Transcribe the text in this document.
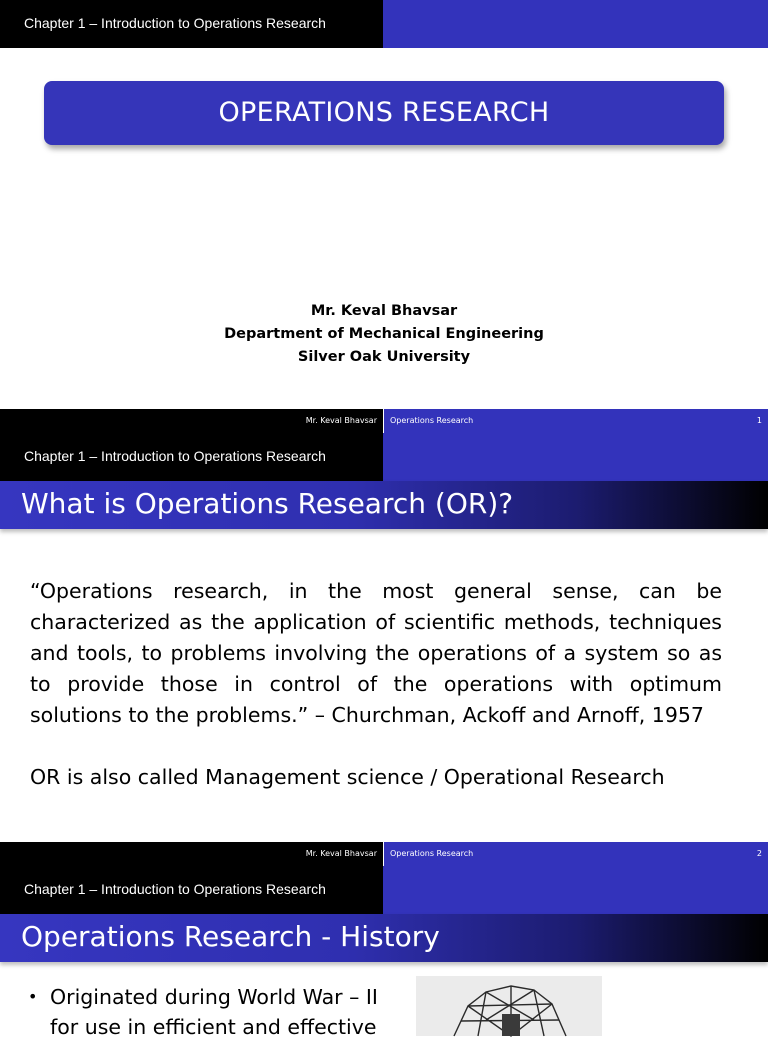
Chapter 1 – Introduction to Operations Research
OPERATIONS RESEARCH
Mr. Keval Bhavsar
Department of Mechanical Engineering
Silver Oak University
Mr. Keval Bhavsar Operations Research	1
Chapter 1 – Introduction to Operations Research
What is Operations Research (OR)?
“Operations research, in the most general sense, can be characterized as the application of scientific methods, techniques and tools, to problems involving the operations of a system so as to provide those in control of the operations with optimum solutions to the problems.” – Churchman, Ackoff and Arnoff, 1957
OR is also called Management science / Operational Research
Mr. Keval Bhavsar Operations Research	2
Chapter 1 – Introduction to Operations Research
Operations Research - History
• Originated during World War – II
for use in efficient and effective
